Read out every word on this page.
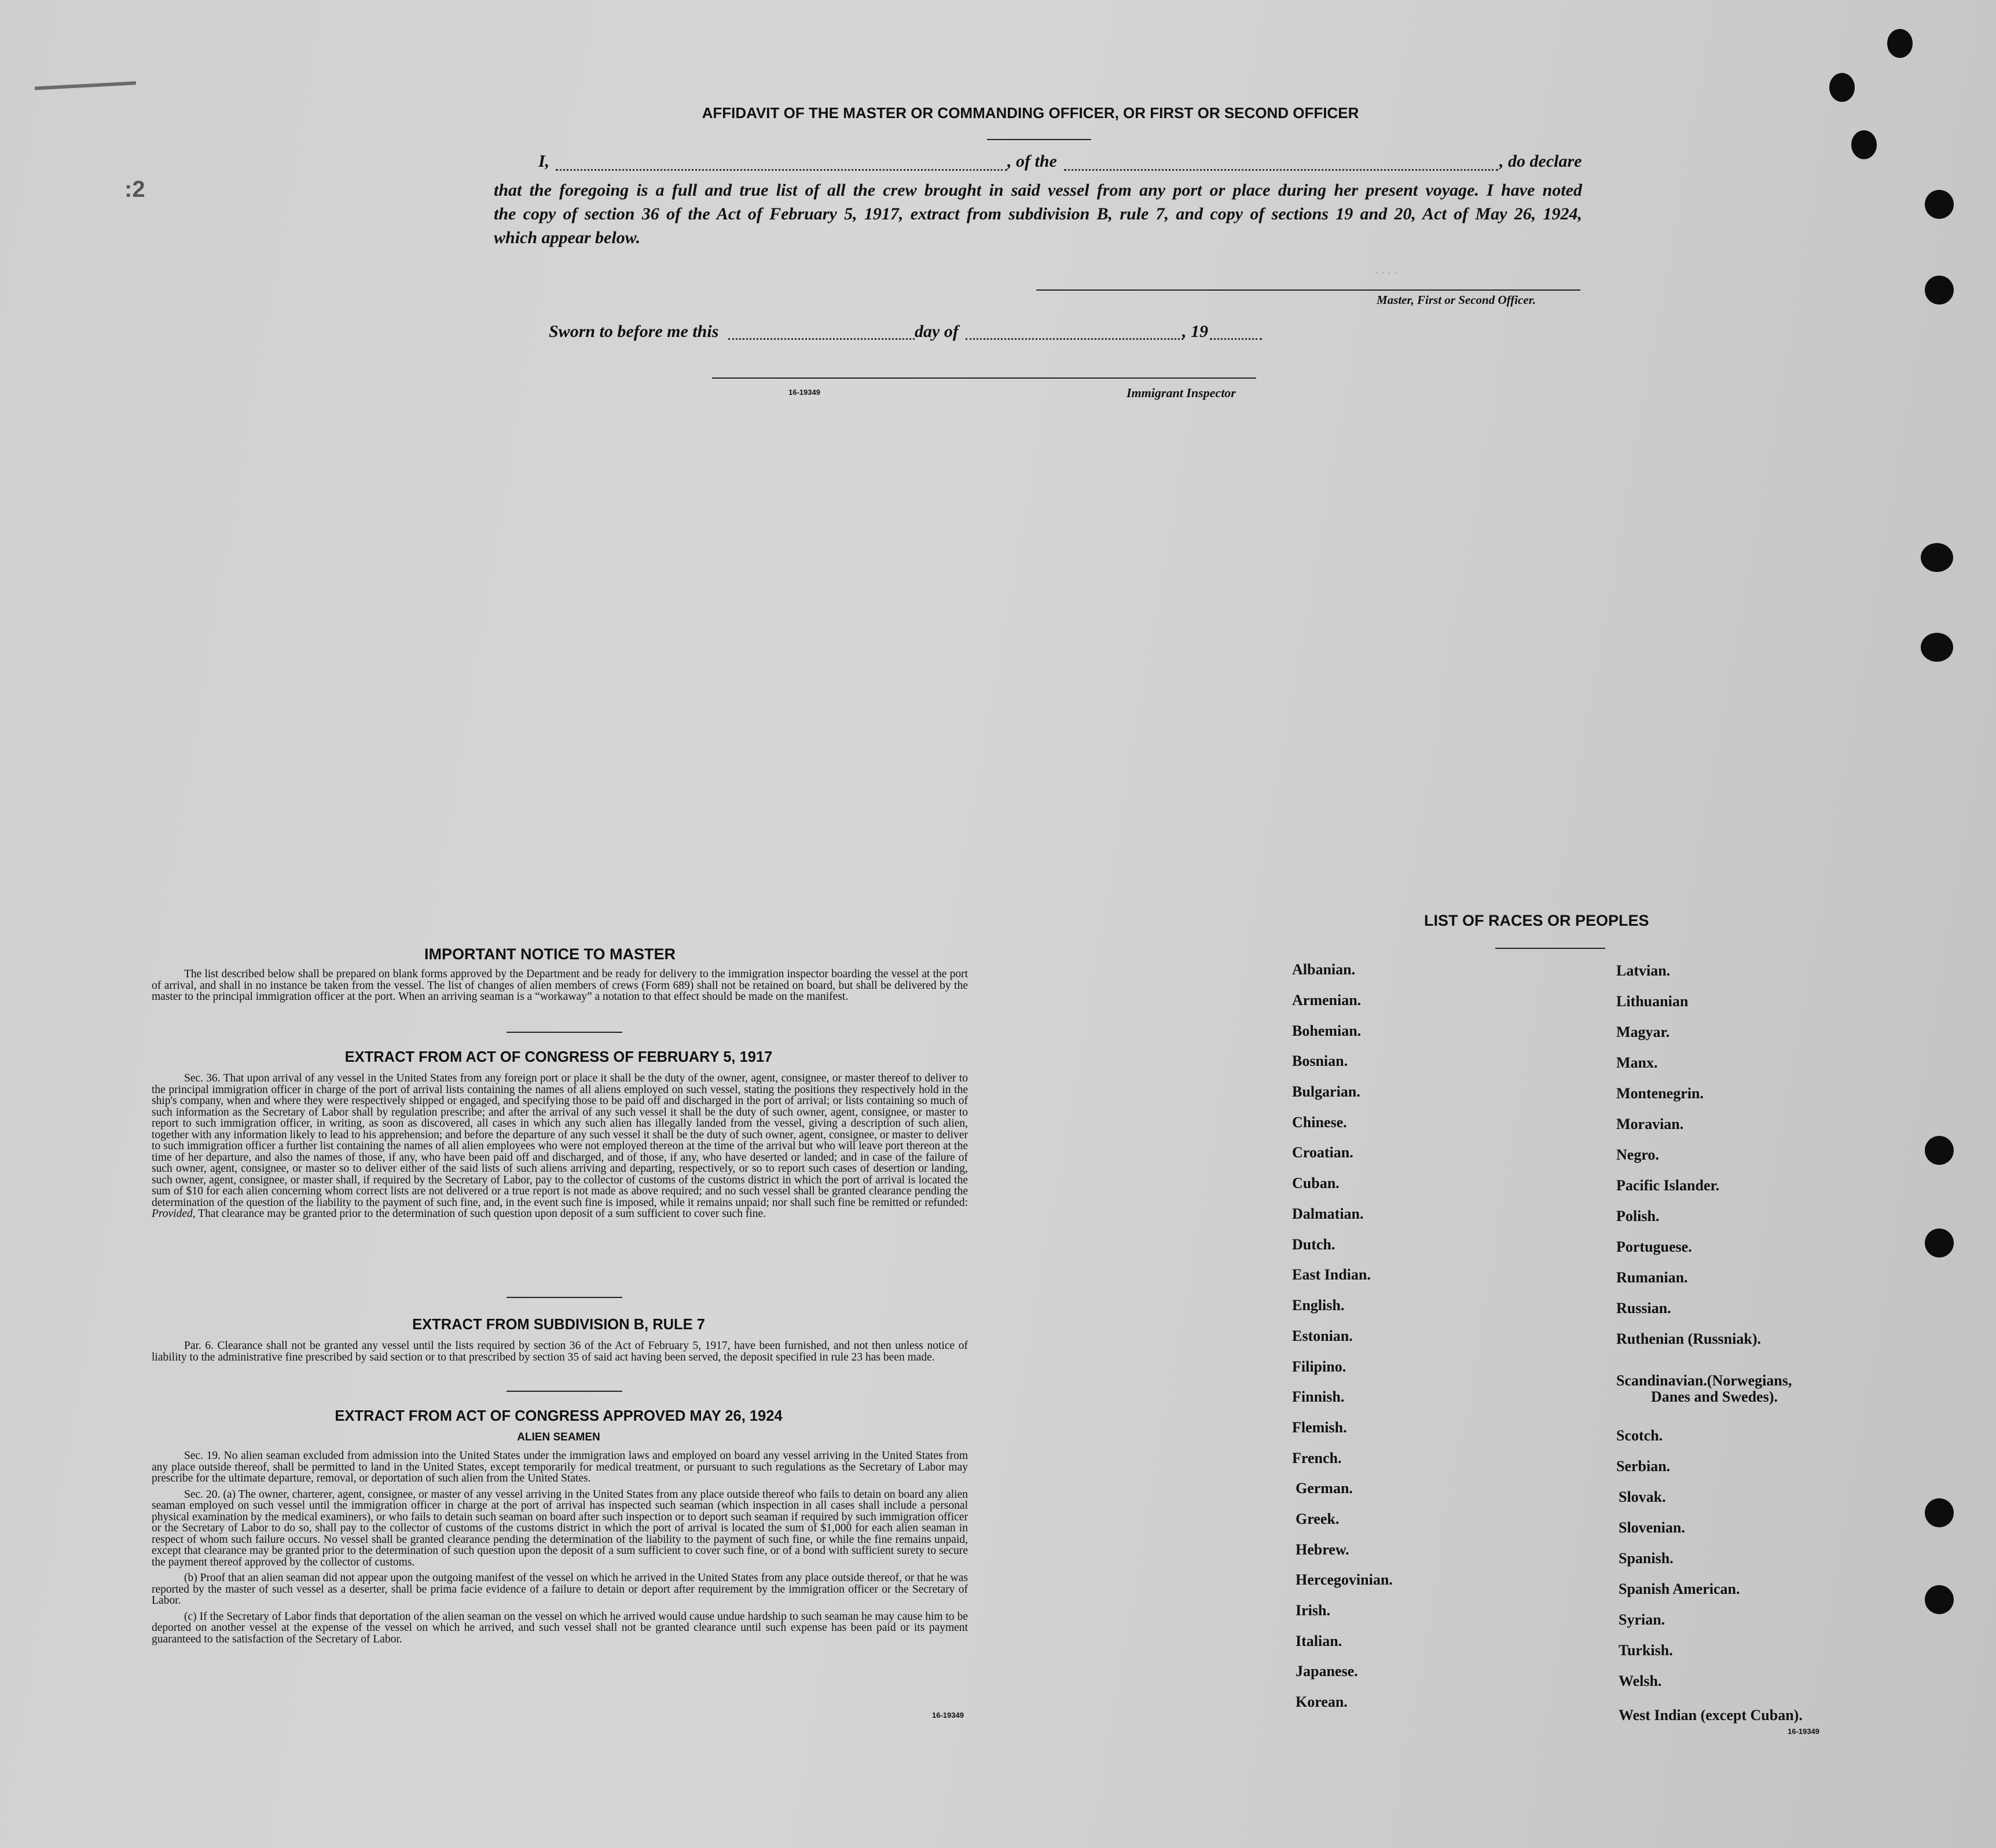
:2
· · · ·
AFFIDAVIT OF THE MASTER OR COMMANDING OFFICER, OR FIRST OR SECOND OFFICER
I,	, of the	, do declare
that the foregoing is a full and true list of all the crew brought in said vessel from any port or place during her present voyage. I have noted
the copy of section 36 of the Act of February 5, 1917, extract from subdivision B, rule 7, and copy of sections 19 and 20, Act of May 26, 1924,
which appear below.
Master, First or Second Officer.
Sworn to before me this	day of	, 19
16-19349	Immigrant Inspector
IMPORTANT NOTICE TO MASTER

The list described below shall be prepared on blank forms approved by the Department and be ready for delivery to the immigration inspector boarding the vessel at the port of arrival, and shall in no instance be taken from the vessel. The list of changes of alien members of crews (Form 689) shall not be retained on board, but shall be delivered by the master to the principal immigration officer at the port. When an arriving seaman is a “workaway” a notation to that effect should be made on the manifest.

EXTRACT FROM ACT OF CONGRESS OF FEBRUARY 5, 1917

Sec. 36. That upon arrival of any vessel in the United States from any foreign port or place it shall be the duty of the owner, agent, consignee, or master thereof to deliver to the principal immigration officer in charge of the port of arrival lists containing the names of all aliens employed on such vessel, stating the positions they respectively hold in the ship's company, when and where they were respectively shipped or engaged, and specifying those to be paid off and discharged in the port of arrival; or lists containing so much of such information as the Secretary of Labor shall by regulation prescribe; and after the arrival of any such vessel it shall be the duty of such owner, agent, consignee, or master to report to such immigration officer, in writing, as soon as discovered, all cases in which any such alien has illegally landed from the vessel, giving a description of such alien, together with any information likely to lead to his apprehension; and before the departure of any such vessel it shall be the duty of such owner, agent, consignee, or master to deliver to such immigration officer a further list containing the names of all alien employees who were not employed thereon at the time of the arrival but who will leave port thereon at the time of her departure, and also the names of those, if any, who have been paid off and discharged, and of those, if any, who have deserted or landed; and in case of the failure of such owner, agent, consignee, or master so to deliver either of the said lists of such aliens arriving and departing, respectively, or so to report such cases of desertion or landing, such owner, agent, consignee, or master shall, if required by the Secretary of Labor, pay to the collector of customs of the customs district in which the port of arrival is located the sum of $10 for each alien concerning whom correct lists are not delivered or a true report is not made as above required; and no such vessel shall be granted clearance pending the determination of the question of the liability to the payment of such fine, and, in the event such fine is imposed, while it remains unpaid; nor shall such fine be remitted or refunded: Provided, That clearance may be granted prior to the determination of such question upon deposit of a sum sufficient to cover such fine.

EXTRACT FROM SUBDIVISION B, RULE 7

Par. 6. Clearance shall not be granted any vessel until the lists required by section 36 of the Act of February 5, 1917, have been furnished, and not then unless notice of liability to the administrative fine prescribed by said section or to that prescribed by section 35 of said act having been served, the deposit specified in rule 23 has been made.

EXTRACT FROM ACT OF CONGRESS APPROVED MAY 26, 1924
ALIEN SEAMEN

Sec. 19. No alien seaman excluded from admission into the United States under the immigration laws and employed on board any vessel arriving in the United States from any place outside thereof, shall be permitted to land in the United States, except temporarily for medical treatment, or pursuant to such regulations as the Secretary of Labor may prescribe for the ultimate departure, removal, or deportation of such alien from the United States.

Sec. 20. (a) The owner, charterer, agent, consignee, or master of any vessel arriving in the United States from any place outside thereof who fails to detain on board any alien seaman employed on such vessel until the immigration officer in charge at the port of arrival has inspected such seaman (which inspection in all cases shall include a personal physical examination by the medical examiners), or who fails to detain such seaman on board after such inspection or to deport such seaman if required by such immigration officer or the Secretary of Labor to do so, shall pay to the collector of customs of the customs district in which the port of arrival is located the sum of $1,000 for each alien seaman in respect of whom such failure occurs. No vessel shall be granted clearance pending the determination of the liability to the payment of such fine, or while the fine remains unpaid, except that clearance may be granted prior to the determination of such question upon the deposit of a sum sufficient to cover such fine, or of a bond with sufficient surety to secure the payment thereof approved by the collector of customs.

(b) Proof that an alien seaman did not appear upon the outgoing manifest of the vessel on which he arrived in the United States from any place outside thereof, or that he was reported by the master of such vessel as a deserter, shall be prima facie evidence of a failure to detain or deport after requirement by the immigration officer or the Secretary of Labor.

(c) If the Secretary of Labor finds that deportation of the alien seaman on the vessel on which he arrived would cause undue hardship to such seaman he may cause him to be deported on another vessel at the expense of the vessel on which he arrived, and such vessel shall not be granted clearance until such expense has been paid or its payment guaranteed to the satisfaction of the Secretary of Labor.

16-19349
LIST OF RACES OR PEOPLES
16-19349
Albanian.
Armenian.
Bohemian.
Bosnian.
Bulgarian.
Chinese.
Croatian.
Cuban.
Dalmatian.
Dutch.
East Indian.
English.
Estonian.
Filipino.
Finnish.
Flemish.
French.
German.
Greek.
Hebrew.
Hercegovinian.
Irish.
Italian.
Japanese.
Korean.
Latvian.
Lithuanian
Magyar.
Manx.
Montenegrin.
Moravian.
Negro.
Pacific Islander.
Polish.
Portuguese.
Rumanian.
Russian.
Ruthenian (Russniak).
Scandinavian.(Norwegians,
Danes and Swedes).
Scotch.
Serbian.
Slovak.
Slovenian.
Spanish.
Spanish American.
Syrian.
Turkish.
Welsh.
West Indian (except Cuban).
